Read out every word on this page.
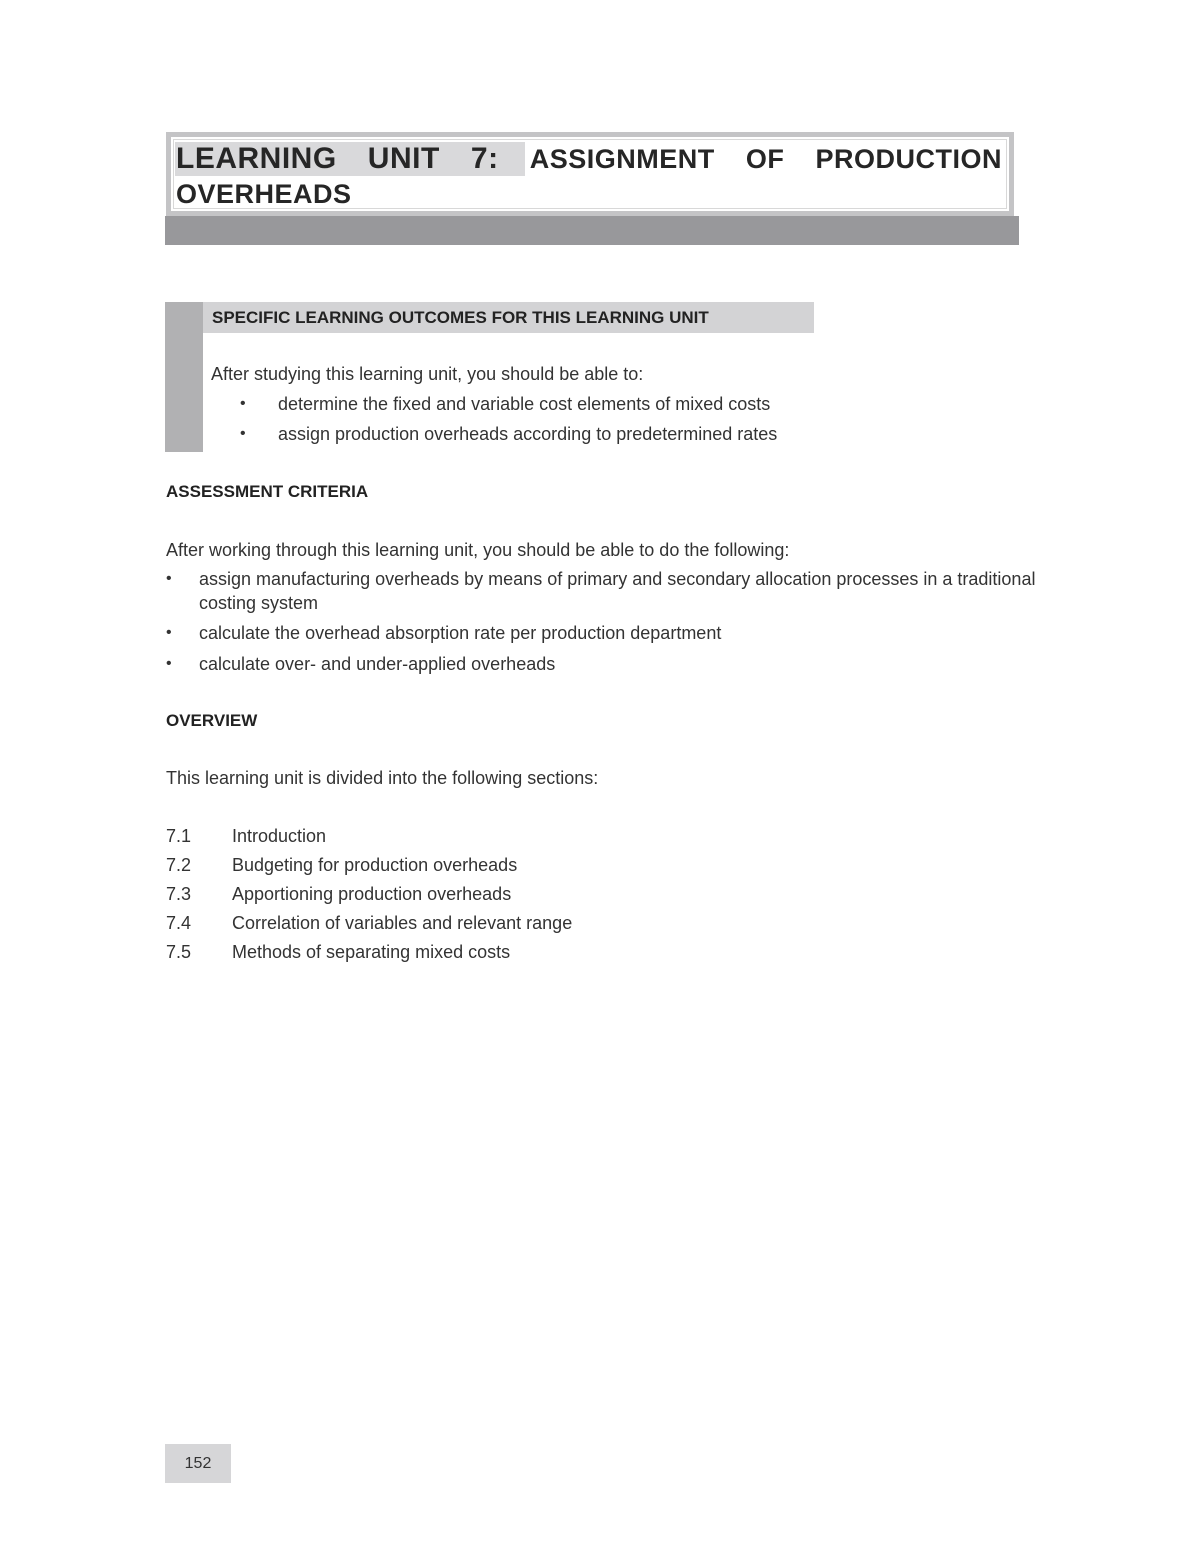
LEARNING UNIT 7: ASSIGNMENT OF PRODUCTION
OVERHEADS
SPECIFIC LEARNING OUTCOMES FOR THIS LEARNING UNIT
After studying this learning unit, you should be able to:
• determine the fixed and variable cost elements of mixed costs
• assign production overheads according to predetermined rates
ASSESSMENT CRITERIA
After working through this learning unit, you should be able to do the following:
• assign manufacturing overheads by means of primary and secondary allocation processes in a traditional costing system
• calculate the overhead absorption rate per production department
• calculate over- and under-applied overheads
OVERVIEW
This learning unit is divided into the following sections:
7.1 Introduction
7.2 Budgeting for production overheads
7.3 Apportioning production overheads
7.4 Correlation of variables and relevant range
7.5 Methods of separating mixed costs
152
